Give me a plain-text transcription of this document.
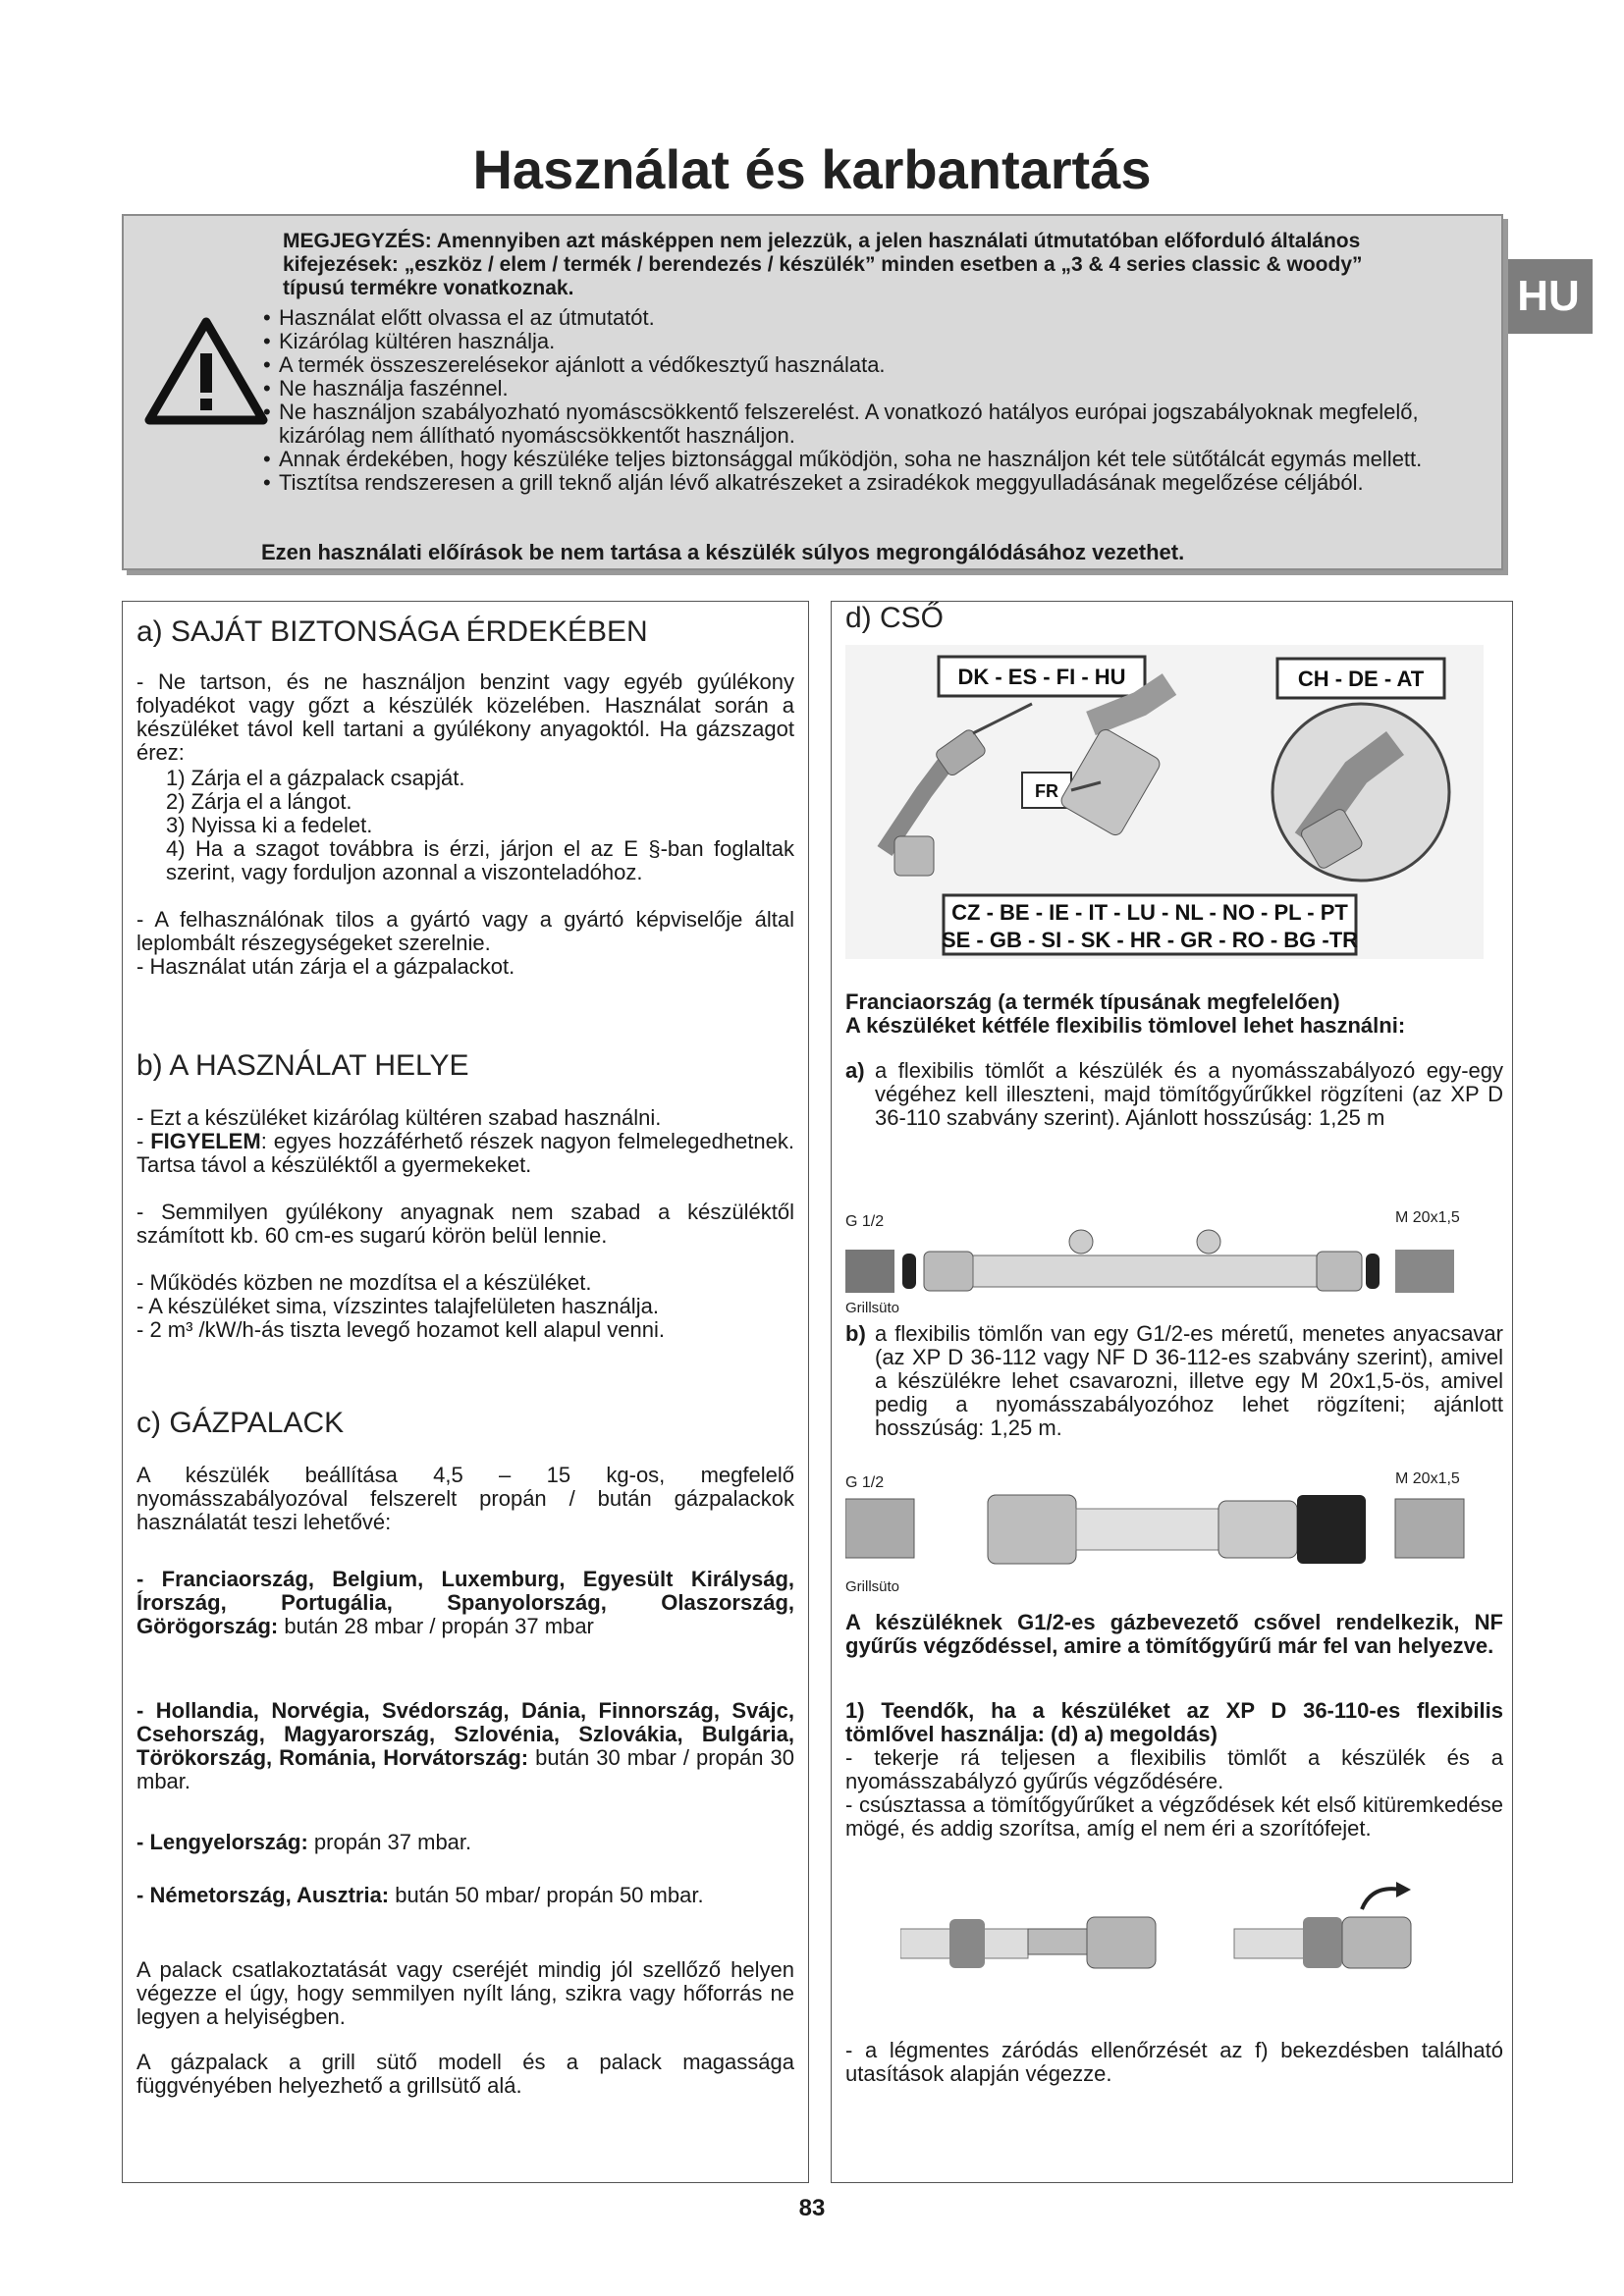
Használat és karbantartás
HU
MEGJEGYZÉS: Amennyiben azt másképpen nem jelezzük, a jelen használati útmutatóban előforduló általános kifejezések: „eszköz / elem / termék / berendezés / készülék” minden esetben a „3 & 4 series classic & woody” típusú termékre vonatkoznak.
• Használat előtt olvassa el az útmutatót.
• Kizárólag kültéren használja.
• A termék összeszerelésekor ajánlott a védőkesztyű használata.
• Ne használja faszénnel.
• Ne használjon szabályozható nyomáscsökkentő felszerelést. A vonatkozó hatályos európai jogszabályoknak megfelelő, kizárólag nem állítható nyomáscsökkentőt használjon.
• Annak érdekében, hogy készüléke teljes biztonsággal működjön, soha ne használjon két tele sütőtálcát egymás mellett.
• Tisztítsa rendszeresen a grill teknő alján lévő alkatrészeket a zsiradékok meggyulladásának megelőzése céljából.
Ezen használati előírások be nem tartása a készülék súlyos megrongálódásához vezethet.
a) SAJÁT BIZTONSÁGA ÉRDEKÉBEN
- Ne tartson, és ne használjon benzint vagy egyéb gyúlékony folyadékot vagy gőzt a készülék közelében. Használat során a készüléket távol kell tartani a gyúlékony anyagoktól. Ha gázszagot érez:
1) Zárja el a gázpalack csapját.
2) Zárja el a lángot.
3) Nyissa ki a fedelet.
4) Ha a szagot továbbra is érzi, járjon el az E §-ban foglaltak szerint, vagy forduljon azonnal a viszonteladóhoz.
- A felhasználónak tilos a gyártó vagy a gyártó képviselője által leplombált részegységeket szerelnie.
- Használat után zárja el a gázpalackot.
b) A HASZNÁLAT HELYE
- Ezt a készüléket kizárólag kültéren szabad használni.
- FIGYELEM: egyes hozzáférhető részek nagyon felmelegedhetnek. Tartsa távol a készüléktől a gyermekeket.
- Semmilyen gyúlékony anyagnak nem szabad a készüléktől számított kb. 60 cm-es sugarú körön belül lennie.
- Működés közben ne mozdítsa el a készüléket.
- A készüléket sima, vízszintes talajfelületen használja.
- 2 m³ /kW/h-ás tiszta levegő hozamot kell alapul venni.
c) GÁZPALACK
A készülék beállítása 4,5 – 15 kg-os, megfelelő nyomásszabályozóval felszerelt propán / bután gázpalackok használatát teszi lehetővé:
- Franciaország, Belgium, Luxemburg, Egyesült Királyság, Írország, Portugália, Spanyolország, Olaszország, Görögország: bután 28 mbar / propán 37 mbar
- Hollandia, Norvégia, Svédország, Dánia, Finnország, Svájc, Csehország, Magyarország, Szlovénia, Szlovákia, Bulgária, Törökország, Románia, Horvátország: bután 30 mbar / propán 30 mbar.
- Lengyelország: propán 37 mbar.
- Németország, Ausztria: bután 50 mbar/ propán 50 mbar.
A palack csatlakoztatását vagy cseréjét mindig jól szellőző helyen végezze el úgy, hogy semmilyen nyílt láng, szikra vagy hőforrás ne legyen a helyiségben.
A gázpalack a grill sütő modell és a palack magassága függvényében helyezhető a grillsütő alá.
d) CSŐ
DK - ES - FI - HU	CH - DE - AT
FR
CZ - BE - IE - IT - LU - NL - NO - PL - PT
SE - GB - SI - SK - HR - GR - RO - BG -TR
Franciaország (a termék típusának megfelelően)
A készüléket kétféle flexibilis tömlovel lehet használni:
a) a flexibilis tömlőt a készülék és a nyomásszabályozó egy-egy végéhez kell illeszteni, majd tömítőgyűrűkkel rögzíteni (az XP D 36-110 szabvány szerint). Ajánlott hosszúság: 1,25 m
G 1/2	M 20x1,5
Grillsüto
b) a flexibilis tömlőn van egy G1/2-es méretű, menetes anyacsavar (az XP D 36-112 vagy NF D 36-112-es szabvány szerint), amivel a készülékre lehet csavarozni, illetve egy M 20x1,5-ös, amivel pedig a nyomásszabályozóhoz lehet rögzíteni; ajánlott hosszúság: 1,25 m.
G 1/2	M 20x1,5
Grillsüto
A készüléknek G1/2-es gázbevezető csővel rendelkezik, NF gyűrűs végződéssel, amire a tömítőgyűrű már fel van helyezve.
1) Teendők, ha a készüléket az XP D 36-110-es flexibilis tömlővel használja: (d) a) megoldás)
- tekerje rá teljesen a flexibilis tömlőt a készülék és a nyomásszabályzó gyűrűs végződésére.
- csúsztassa a tömítőgyűrűket a végződések két első kitüremkedése mögé, és addig szorítsa, amíg el nem éri a szorítófejet.
- a légmentes záródás ellenőrzését az f) bekezdésben található utasítások alapján végezze.
83
